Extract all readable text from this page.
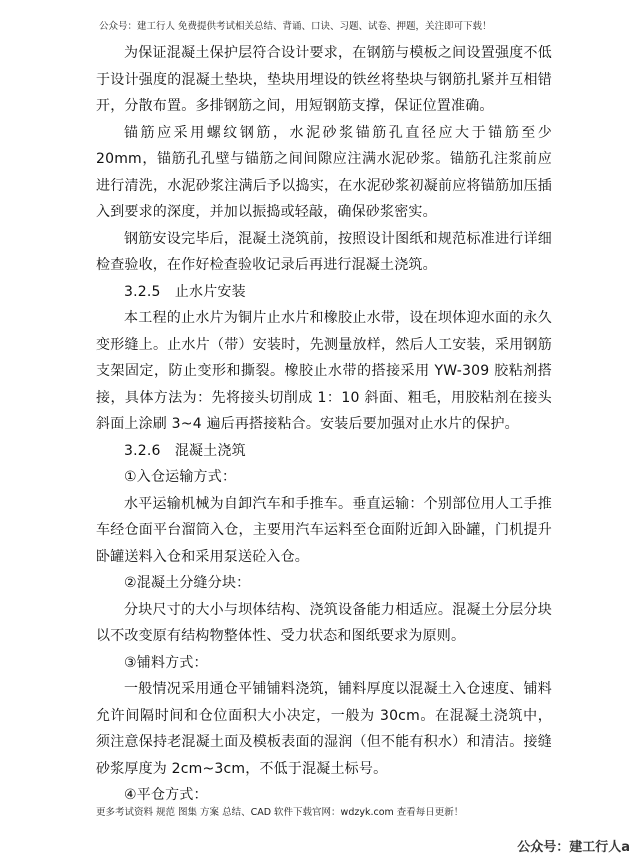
公众号：建工行人 免费提供考试相关总结、背诵、口诀、习题、试卷、押题，关注即可下载！

为保证混凝土保护层符合设计要求，在钢筋与模板之间设置强度不低于设计强度的混凝土垫块，垫块用埋设的铁丝将垫块与钢筋扎紧并互相错开，分散布置。多排钢筋之间，用短钢筋支撑，保证位置准确。

锚筋应采用螺纹钢筋，水泥砂浆锚筋孔直径应大于锚筋至少 20mm，锚筋孔孔壁与锚筋之间间隙应注满水泥砂浆。锚筋孔注浆前应进行清洗，水泥砂浆注满后予以捣实，在水泥砂浆初凝前应将锚筋加压插入到要求的深度，并加以振捣或轻敲，确保砂浆密实。

钢筋安设完毕后，混凝土浇筑前，按照设计图纸和规范标准进行详细检查验收，在作好检查验收记录后再进行混凝土浇筑。

3.2.5　止水片安装

本工程的止水片为铜片止水片和橡胶止水带，设在坝体迎水面的永久变形缝上。止水片（带）安装时，先测量放样，然后人工安装，采用钢筋支架固定，防止变形和撕裂。橡胶止水带的搭接采用 YW-309 胶粘剂搭接，具体方法为：先将接头切削成 1：10 斜面、粗毛，用胶粘剂在接头斜面上涂刷 3~4 遍后再搭接粘合。安装后要加强对止水片的保护。

3.2.6　混凝土浇筑

①入仓运输方式：

水平运输机械为自卸汽车和手推车。垂直运输：个别部位用人工手推车经仓面平台溜筒入仓，主要用汽车运料至仓面附近卸入卧罐，门机提升卧罐送料入仓和采用泵送砼入仓。

②混凝土分缝分块：

分块尺寸的大小与坝体结构、浇筑设备能力相适应。混凝土分层分块以不改变原有结构物整体性、受力状态和图纸要求为原则。

③铺料方式：

一般情况采用通仓平铺铺料浇筑，铺料厚度以混凝土入仓速度、铺料允许间隔时间和仓位面积大小决定，一般为 30cm。在混凝土浇筑中，须注意保持老混凝土面及模板表面的湿润（但不能有积水）和清洁。接缝砂浆厚度为 2cm~3cm，不低于混凝土标号。

④平仓方式：

更多考试资料 规范 图集 方案 总结、CAD 软件下载官网：wdzyk.com 查看每日更新！
公众号：建工行人a
